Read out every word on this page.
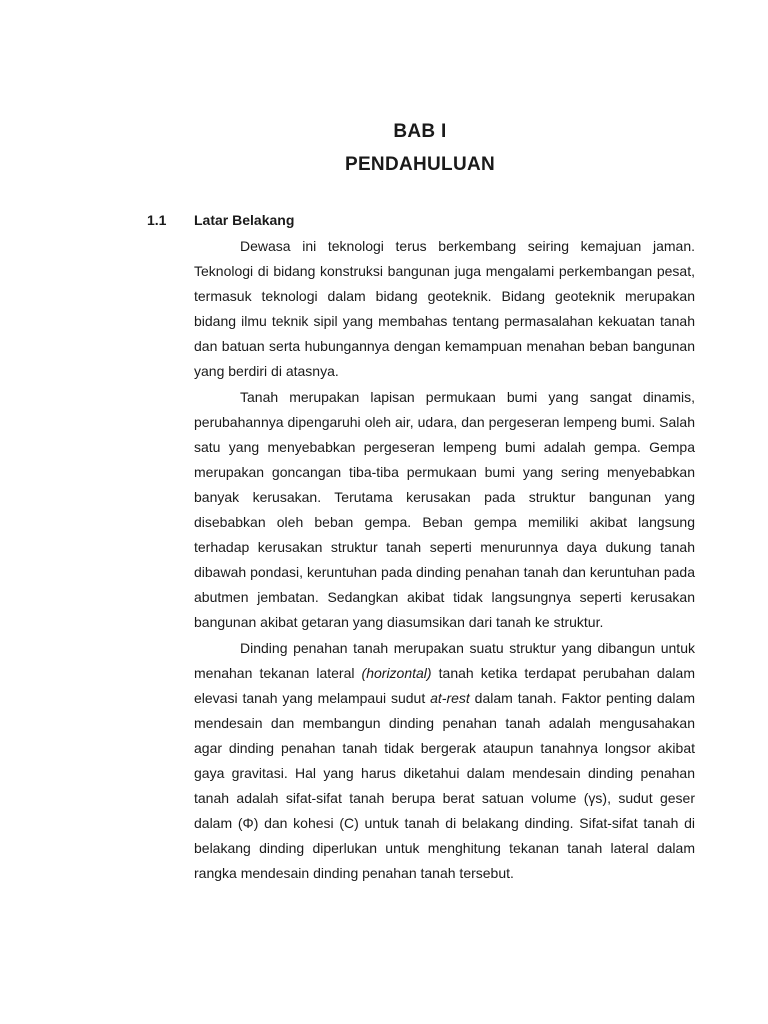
BAB I
PENDAHULUAN
1.1 Latar Belakang

Dewasa ini teknologi terus berkembang seiring kemajuan jaman. Teknologi di bidang konstruksi bangunan juga mengalami perkembangan pesat, termasuk teknologi dalam bidang geoteknik. Bidang geoteknik merupakan bidang ilmu teknik sipil yang membahas tentang permasalahan kekuatan tanah dan batuan serta hubungannya dengan kemampuan menahan beban bangunan yang berdiri di atasnya.

Tanah merupakan lapisan permukaan bumi yang sangat dinamis, perubahannya dipengaruhi oleh air, udara, dan pergeseran lempeng bumi. Salah satu yang menyebabkan pergeseran lempeng bumi adalah gempa. Gempa merupakan goncangan tiba-tiba permukaan bumi yang sering menyebabkan banyak kerusakan. Terutama kerusakan pada struktur bangunan yang disebabkan oleh beban gempa. Beban gempa memiliki akibat langsung terhadap kerusakan struktur tanah seperti menurunnya daya dukung tanah dibawah pondasi, keruntuhan pada dinding penahan tanah dan keruntuhan pada abutmen jembatan. Sedangkan akibat tidak langsungnya seperti kerusakan bangunan akibat getaran yang diasumsikan dari tanah ke struktur.

Dinding penahan tanah merupakan suatu struktur yang dibangun untuk menahan tekanan lateral (horizontal) tanah ketika terdapat perubahan dalam elevasi tanah yang melampaui sudut at-rest dalam tanah. Faktor penting dalam mendesain dan membangun dinding penahan tanah adalah mengusahakan agar dinding penahan tanah tidak bergerak ataupun tanahnya longsor akibat gaya gravitasi. Hal yang harus diketahui dalam mendesain dinding penahan tanah adalah sifat-sifat tanah berupa berat satuan volume (γs), sudut geser dalam (Φ) dan kohesi (C) untuk tanah di belakang dinding. Sifat-sifat tanah di belakang dinding diperlukan untuk menghitung tekanan tanah lateral dalam rangka mendesain dinding penahan tanah tersebut.
